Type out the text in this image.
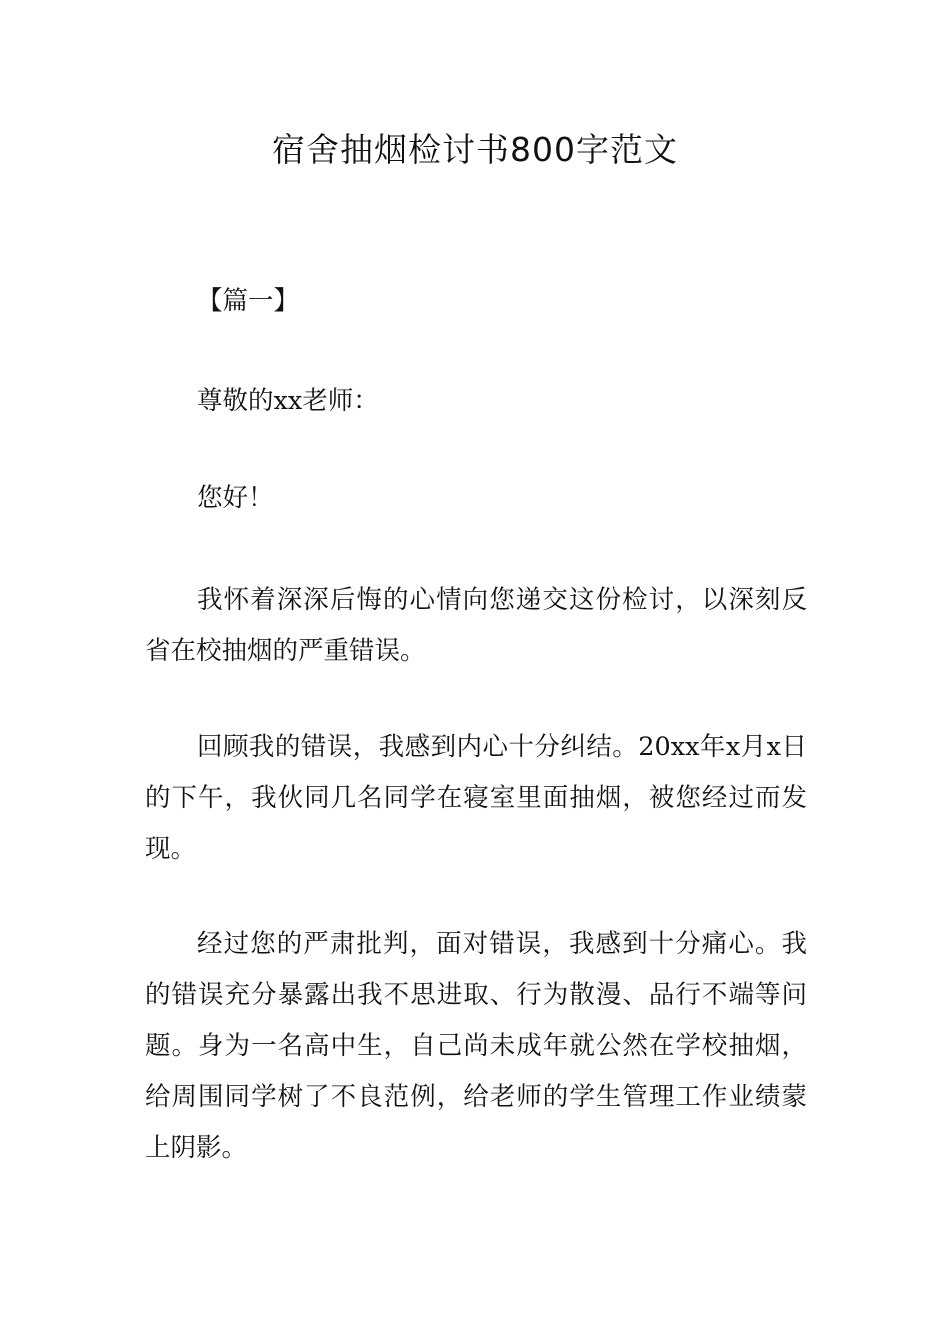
宿舍抽烟检讨书800字范文

【篇一】

尊敬的xx老师：

您好！

我怀着深深后悔的心情向您递交这份检讨，以深刻反省在校抽烟的严重错误。

回顾我的错误，我感到内心十分纠结。20xx年x月x日的下午，我伙同几名同学在寝室里面抽烟，被您经过而发现。

经过您的严肃批判，面对错误，我感到十分痛心。我的错误充分暴露出我不思进取、行为散漫、品行不端等问题。身为一名高中生，自己尚未成年就公然在学校抽烟，给周围同学树了不良范例，给老师的学生管理工作业绩蒙上阴影。
